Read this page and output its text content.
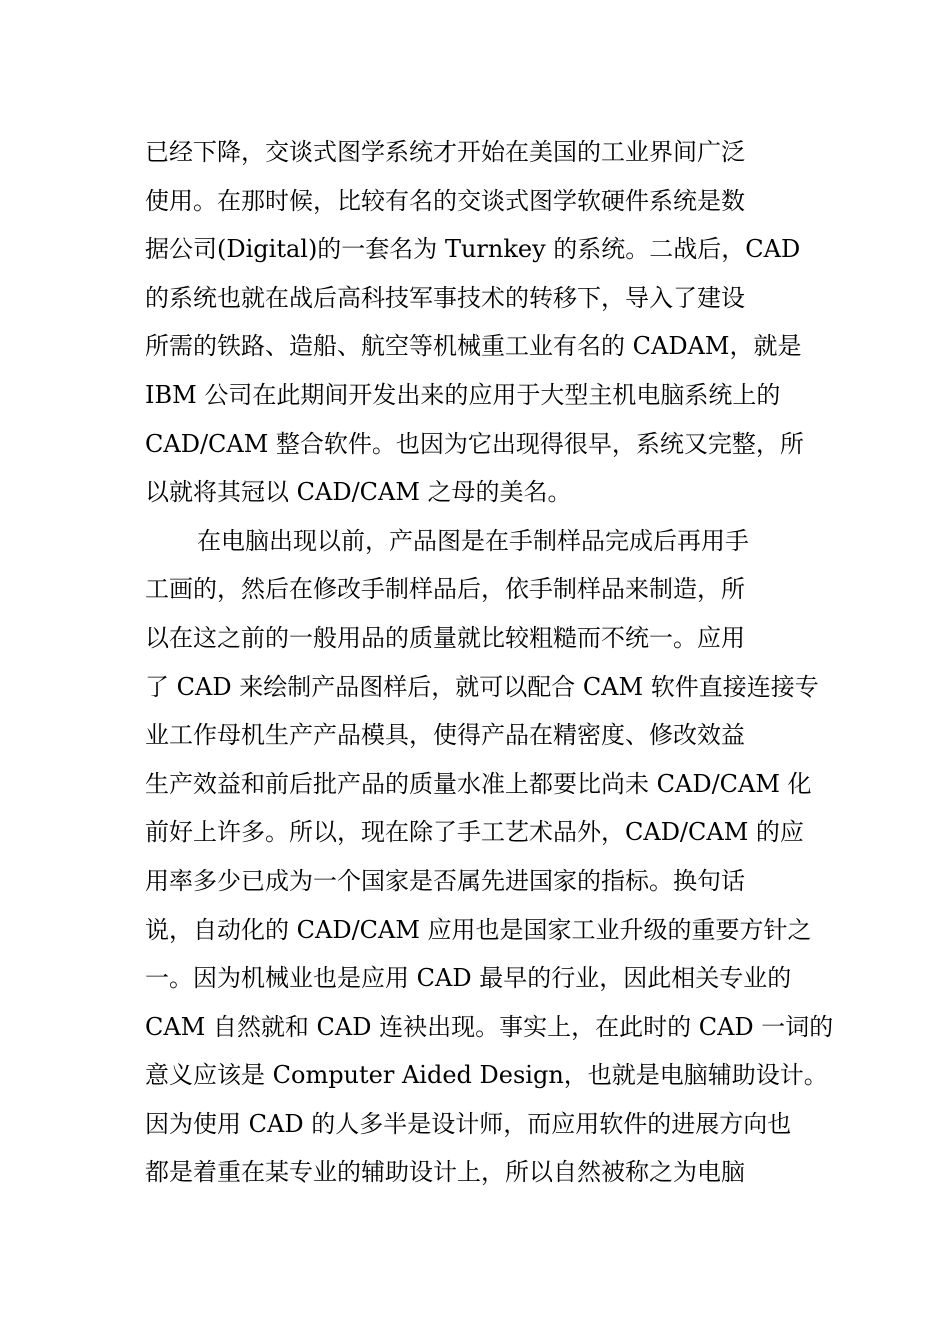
已经下降，交谈式图学系统才开始在美国的工业界间广泛
使用。在那时候，比较有名的交谈式图学软硬件系统是数
据公司(Digital)的一套名为 Turnkey 的系统。二战后，CAD
的系统也就在战后高科技军事技术的转移下，导入了建设
所需的铁路、造船、航空等机械重工业有名的 CADAM，就是
IBM 公司在此期间开发出来的应用于大型主机电脑系统上的
CAD/CAM 整合软件。也因为它出现得很早，系统又完整，所
以就将其冠以 CAD/CAM 之母的美名。
在电脑出现以前，产品图是在手制样品完成后再用手
工画的，然后在修改手制样品后，依手制样品来制造，所
以在这之前的一般用品的质量就比较粗糙而不统一。应用
了 CAD 来绘制产品图样后，就可以配合 CAM 软件直接连接专
业工作母机生产产品模具，使得产品在精密度、修改效益
生产效益和前后批产品的质量水准上都要比尚未 CAD/CAM 化
前好上许多。所以，现在除了手工艺术品外，CAD/CAM 的应
用率多少已成为一个国家是否属先进国家的指标。换句话
说，自动化的 CAD/CAM 应用也是国家工业升级的重要方针之
一。因为机械业也是应用 CAD 最早的行业，因此相关专业的
CAM 自然就和 CAD 连袂出现。事实上，在此时的 CAD 一词的
意义应该是 Computer Aided Design，也就是电脑辅助设计。
因为使用 CAD 的人多半是设计师，而应用软件的进展方向也
都是着重在某专业的辅助设计上，所以自然被称之为电脑
